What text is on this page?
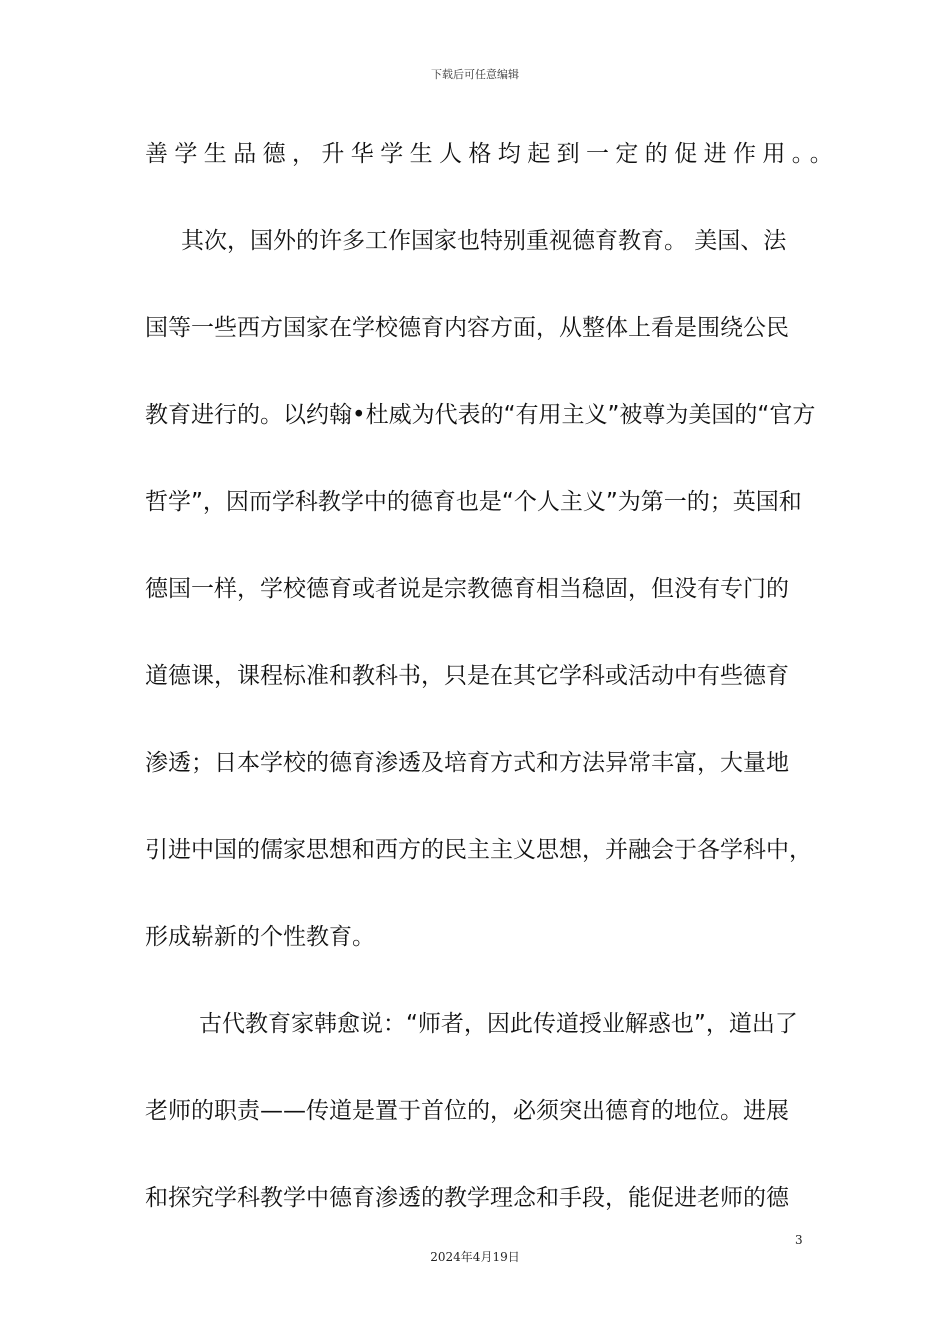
下载后可任意编辑
善学生品德，升华学生人格均起到一定的促进作用。。
其次，国外的许多工作国家也特别重视德育教育。 美国、法
国等一些西方国家在学校德育内容方面，从整体上看是围绕公民
教育进行的。以约翰•杜威为代表的“有用主义”被尊为美国的“官方
哲学”，因而学科教学中的德育也是“个人主义”为第一的；英国和
德国一样，学校德育或者说是宗教德育相当稳固，但没有专门的
道德课，课程标准和教科书，只是在其它学科或活动中有些德育
渗透；日本学校的德育渗透及培育方式和方法异常丰富，大量地
引进中国的儒家思想和西方的民主主义思想，并融会于各学科中，
形成崭新的个性教育。
古代教育家韩愈说：“师者，因此传道授业解惑也”，道出了
老师的职责——传道是置于首位的，必须突出德育的地位。进展
和探究学科教学中德育渗透的教学理念和手段，能促进老师的德
3
2024年4月19日
